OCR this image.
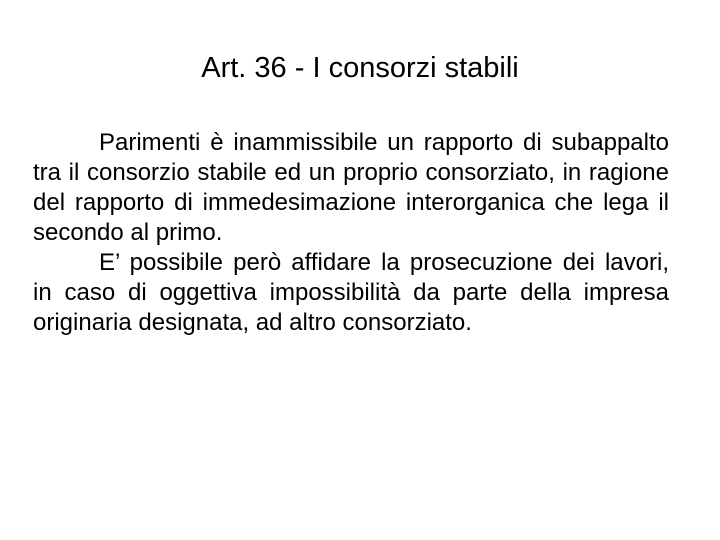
Art. 36 - I consorzi stabili

Parimenti è inammissibile un rapporto di subappalto tra il consorzio stabile ed un proprio consorziato, in ragione del rapporto di immedesimazione interorganica che lega il secondo al primo.

E’ possibile però affidare la prosecuzione dei lavori, in caso di oggettiva impossibilità da parte della impresa originaria designata, ad altro consorziato.
